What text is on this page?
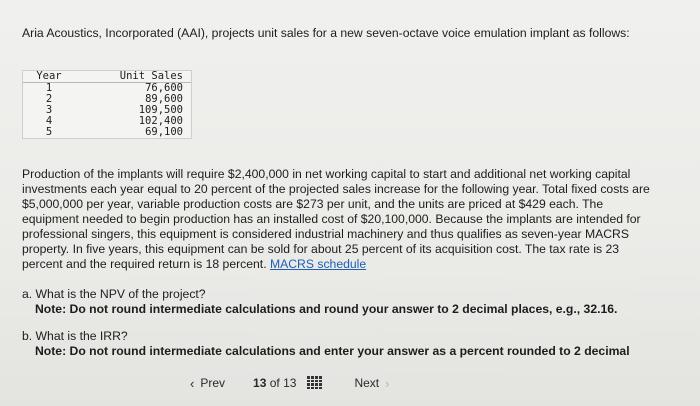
Aria Acoustics, Incorporated (AAI), projects unit sales for a new seven-octave voice emulation implant as follows:
Year	Unit Sales
1	76,600
2	89,600
3	109,500
4	102,400
5	69,100
Production of the implants will require $2,400,000 in net working capital to start and additional net working capital investments each year equal to 20 percent of the projected sales increase for the following year. Total fixed costs are $5,000,000 per year, variable production costs are $273 per unit, and the units are priced at $429 each. The equipment needed to begin production has an installed cost of $20,100,000. Because the implants are intended for professional singers, this equipment is considered industrial machinery and thus qualifies as seven-year MACRS property. In five years, this equipment can be sold for about 25 percent of its acquisition cost. The tax rate is 23 percent and the required return is 18 percent. MACRS schedule
a. What is the NPV of the project?
Note: Do not round intermediate calculations and round your answer to 2 decimal places, e.g., 32.16.
b. What is the IRR?
Note: Do not round intermediate calculations and enter your answer as a percent rounded to 2 decimal
‹ Prev 13 of 13	Next ›
